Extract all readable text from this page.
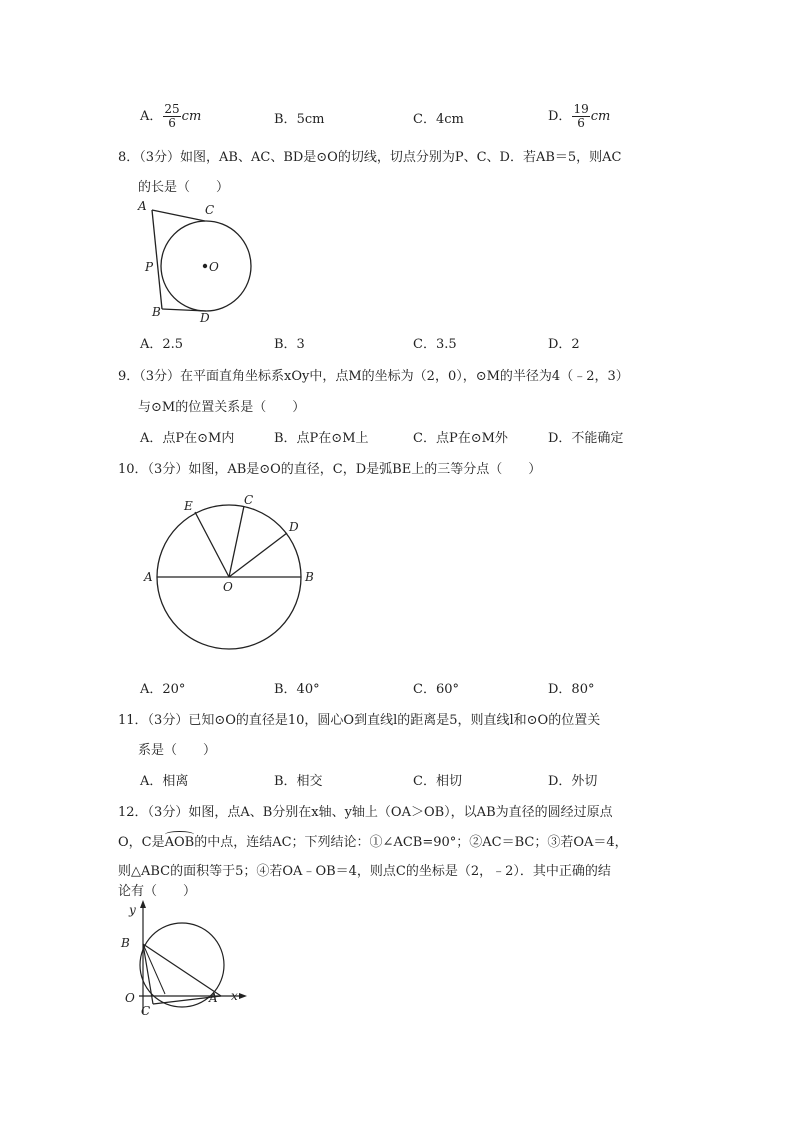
A． $\frac{25}{6}$ cm	B．5cm	C．4cm	D． $\frac{19}{6}$ cm
8．（3分）如图，AB、AC、BD是⊙O的切线，切点分别为P、C、D．若AB＝5，则AC
的长是（　　）
A	C
P	O
B	D
A．2.5	B．3	C．3.5	D．2
9．（3分）在平面直角坐标系xOy中，点M的坐标为（2，0），⊙M的半径为4（﹣2，3）
与⊙M的位置关系是（　　）
A．点P在⊙M内	B．点P在⊙M上	C．点P在⊙M外	D．不能确定
10．（3分）如图，AB是⊙O的直径，C，D是弧BE上的三等分点（　　）
E	C
D
A
O
B
A．20°	B．40°	C．60°	D．80°
11．（3分）已知⊙O的直径是10，圆心O到直线l的距离是5，则直线l和⊙O的位置关
系是（　　）
A．相离	B．相交	C．相切	D．外切
12．（3分）如图，点A、B分别在x轴、y轴上（OA＞OB），以AB为直径的圆经过原点
O，C是AOB的中点，连结AC；下列结论：①∠ACB=90°；②AC＝BC；③若OA＝4，
则△ABC的面积等于5；④若OA﹣OB＝4，则点C的坐标是（2，﹣2）．其中正确的结
论有（　　）
y
B
O
C
A x
